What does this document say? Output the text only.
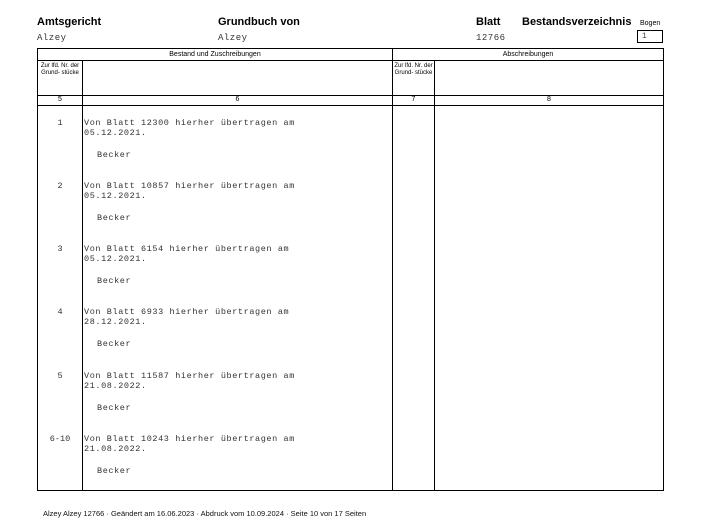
Amtsgericht
Alzey
Grundbuch von
Alzey
Blatt
12766
Bestandsverzeichnis Bogen
1
Bestand und Zuschreibungen	Abschreibungen
Zur lfd. Nr. der Grund- stücke
Zur lfd. Nr. der Grund- stücke
5	6	7	8
1	Von Blatt 12300 hierher übertragen am
05.12.2021.
Becker
2	Von Blatt 10857 hierher übertragen am
05.12.2021.
Becker
3	Von Blatt 6154 hierher übertragen am
05.12.2021.
Becker
4	Von Blatt 6933 hierher übertragen am
28.12.2021.
Becker
5	Von Blatt 11587 hierher übertragen am
21.08.2022.
Becker
6-10	Von Blatt 10243 hierher übertragen am
21.08.2022.
Becker
Alzey Alzey 12766 · Geändert am 16.06.2023 · Abdruck vom 10.09.2024 · Seite 10 von 17 Seiten
